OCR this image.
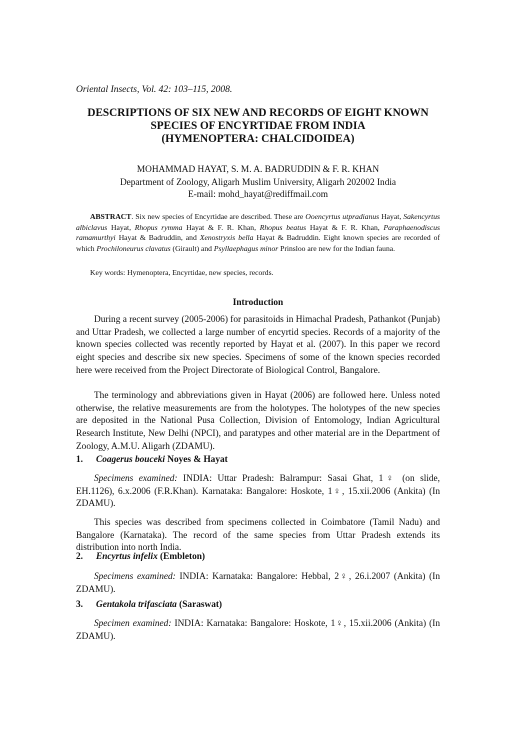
Oriental Insects, Vol. 42: 103–115, 2008.
DESCRIPTIONS OF SIX NEW AND RECORDS OF EIGHT KNOWN
SPECIES OF ENCYRTIDAE FROM INDIA
(HYMENOPTERA: CHALCIDOIDEA)
MOHAMMAD HAYAT, S. M. A. BADRUDDIN & F. R. KHAN
Department of Zoology, Aligarh Muslim University, Aligarh 202002 India
E-mail: mohd_hayat@rediffmail.com

ABSTRACT. Six new species of Encyrtidae are described. These are Ooencyrtus utpradianus Hayat, Sakencyrtus albiclavus Hayat, Rhopus rymma Hayat & F. R. Khan, Rhopus beatus Hayat & F. R. Khan, Paraphaenodiscus ramamurthyi Hayat & Badruddin, and Xenostryxis bella Hayat & Badruddin. Eight known species are recorded of which Prochiloneurus clavatus (Girault) and Psyllaephagus minor Prinsloo are new for the Indian fauna.

Key words: Hymenoptera, Encyrtidae, new species, records.

Introduction

During a recent survey (2005-2006) for parasitoids in Himachal Pradesh, Pathankot (Punjab) and Uttar Pradesh, we collected a large number of encyrtid species. Records of a majority of the known species collected was recently reported by Hayat et al. (2007). In this paper we record eight species and describe six new species. Specimens of some of the known species recorded here were received from the Project Directorate of Biological Control, Bangalore.

The terminology and abbreviations given in Hayat (2006) are followed here. Unless noted otherwise, the relative measurements are from the holotypes. The holotypes of the new species are deposited in the National Pusa Collection, Division of Entomology, Indian Agricultural Research Institute, New Delhi (NPCI), and paratypes and other material are in the Department of Zoology, A.M.U. Aligarh (ZDAMU).

1. Coagerus bouceki Noyes & Hayat

Specimens examined: INDIA: Uttar Pradesh: Balrampur: Sasai Ghat, 1♀ (on slide, EH.1126), 6.x.2006 (F.R.Khan). Karnataka: Bangalore: Hoskote, 1♀, 15.xii.2006 (Ankita) (In ZDAMU).

This species was described from specimens collected in Coimbatore (Tamil Nadu) and Bangalore (Karnataka). The record of the same species from Uttar Pradesh extends its distribution into north India.

2. Encyrtus infelix (Embleton)

Specimens examined: INDIA: Karnataka: Bangalore: Hebbal, 2♀, 26.i.2007 (Ankita) (In ZDAMU).

3. Gentakola trifasciata (Saraswat)

Specimen examined: INDIA: Karnataka: Bangalore: Hoskote, 1♀, 15.xii.2006 (Ankita) (In ZDAMU).
